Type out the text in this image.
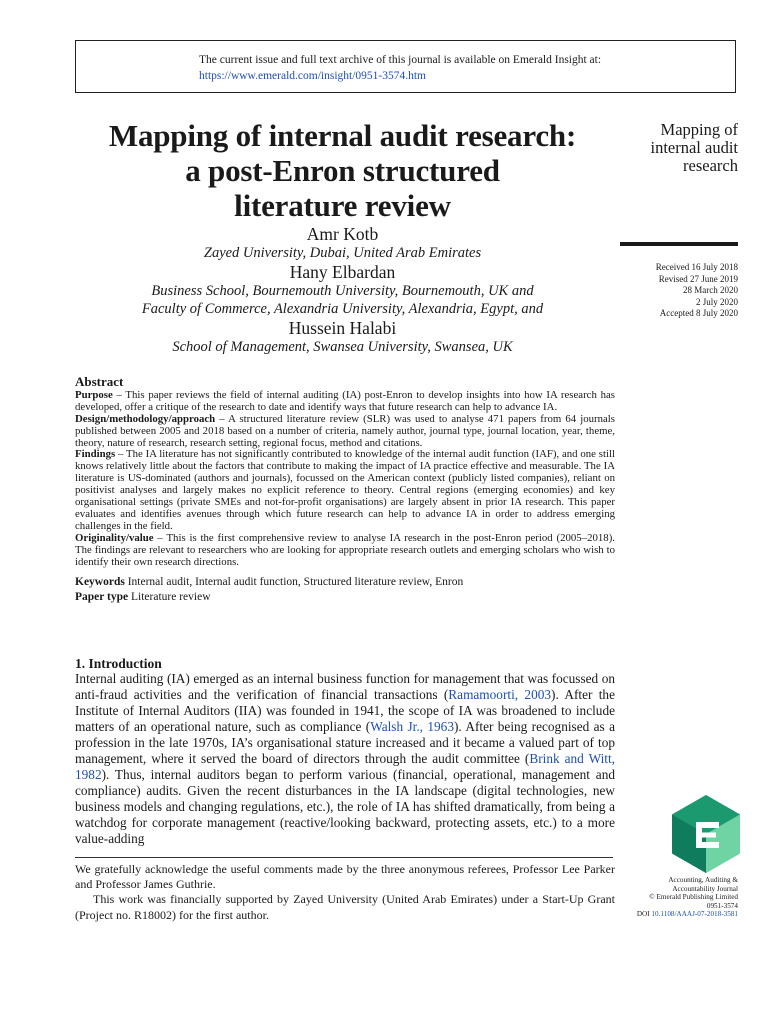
The current issue and full text archive of this journal is available on Emerald Insight at:
https://www.emerald.com/insight/0951-3574.htm
Mapping of internal audit research:
a post-Enron structured
literature review
Mapping of
internal audit
research
Received 16 July 2018
Revised 27 June 2019
28 March 2020
2 July 2020
Accepted 8 July 2020
Amr Kotb
Zayed University, Dubai, United Arab Emirates
Hany Elbardan
Business School, Bournemouth University, Bournemouth, UK and
Faculty of Commerce, Alexandria University, Alexandria, Egypt, and
Hussein Halabi
School of Management, Swansea University, Swansea, UK
Abstract

Purpose – This paper reviews the field of internal auditing (IA) post-Enron to develop insights into how IA research has developed, offer a critique of the research to date and identify ways that future research can help to advance IA.

Design/methodology/approach – A structured literature review (SLR) was used to analyse 471 papers from 64 journals published between 2005 and 2018 based on a number of criteria, namely author, journal type, journal location, year, theme, theory, nature of research, research setting, regional focus, method and citations.

Findings – The IA literature has not significantly contributed to knowledge of the internal audit function (IAF), and one still knows relatively little about the factors that contribute to making the impact of IA practice effective and measurable. The IA literature is US-dominated (authors and journals), focussed on the American context (publicly listed companies), reliant on positivist analyses and largely makes no explicit reference to theory. Central regions (emerging economies) and key organisational settings (private SMEs and not-for-profit organisations) are largely absent in prior IA research. This paper evaluates and identifies avenues through which future research can help to advance IA in order to address emerging challenges in the field.

Originality/value – This is the first comprehensive review to analyse IA research in the post-Enron period (2005–2018). The findings are relevant to researchers who are looking for appropriate research outlets and emerging scholars who wish to identify their own research directions.

Keywords Internal audit, Internal audit function, Structured literature review, Enron

Paper type Literature review

1. Introduction

Internal auditing (IA) emerged as an internal business function for management that was focussed on anti-fraud activities and the verification of financial transactions (Ramamoorti, 2003). After the Institute of Internal Auditors (IIA) was founded in 1941, the scope of IA was broadened to include matters of an operational nature, such as compliance (Walsh Jr., 1963). After being recognised as a profession in the late 1970s, IA’s organisational stature increased and it became a valued part of top management, where it served the board of directors through the audit committee (Brink and Witt, 1982). Thus, internal auditors began to perform various (financial, operational, management and compliance) audits. Given the recent disturbances in the IA landscape (digital technologies, new business models and changing regulations, etc.), the role of IA has shifted dramatically, from being a watchdog for corporate management (reactive/looking backward, protecting assets, etc.) to a more value-adding

We gratefully acknowledge the useful comments made by the three anonymous referees, Professor Lee Parker and Professor James Guthrie.

This work was financially supported by Zayed University (United Arab Emirates) under a Start-Up Grant (Project no. R18002) for the first author.

Accounting, Auditing &
Accountability Journal
© Emerald Publishing Limited
0951-3574
DOI 10.1108/AAAJ-07-2018-3581
